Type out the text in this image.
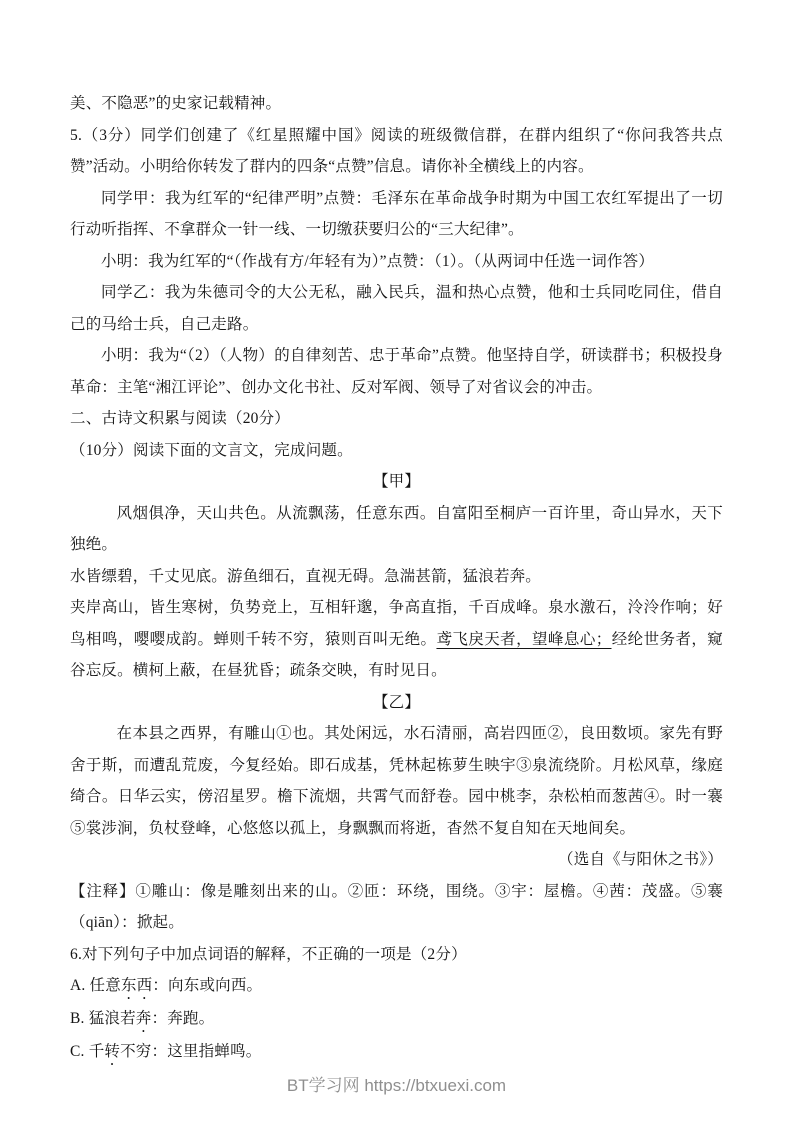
美、不隐恶”的史家记载精神。

5.（3分）同学们创建了《红星照耀中国》阅读的班级微信群，在群内组织了“你问我答共点赞”活动。小明给你转发了群内的四条“点赞”信息。请你补全横线上的内容。

同学甲：我为红军的“纪律严明”点赞：毛泽东在革命战争时期为中国工农红军提出了一切行动听指挥、不拿群众一针一线、一切缴获要归公的“三大纪律”。

小明：我为红军的“（作战有方/年轻有为）”点赞：（1）。（从两词中任选一词作答）

同学乙：我为朱德司令的大公无私，融入民兵，温和热心点赞，他和士兵同吃同住，借自己的马给士兵，自己走路。

小明：我为“（2）（人物）的自律刻苦、忠于革命”点赞。他坚持自学，研读群书；积极投身革命：主笔“湘江评论”、创办文化书社、反对军阀、领导了对省议会的冲击。

二、古诗文积累与阅读（20分）

（10分）阅读下面的文言文，完成问题。

【甲】

风烟俱净，天山共色。从流飘荡，任意东西。自富阳至桐庐一百许里，奇山异水，天下独绝。

水皆缥碧，千丈见底。游鱼细石，直视无碍。急湍甚箭，猛浪若奔。

夹岸高山，皆生寒树，负势竞上，互相轩邈，争高直指，千百成峰。泉水激石，泠泠作响；好鸟相鸣，嘤嘤成韵。蝉则千转不穷，猿则百叫无绝。鸢飞戾天者，望峰息心；经纶世务者，窥谷忘反。横柯上蔽，在昼犹昏；疏条交映，有时见日。

【乙】

在本县之西界，有雕山①也。其处闲远，水石清丽，高岩四匝②，良田数顷。家先有野舍于斯，而遭乱荒废，今复经始。即石成基，凭林起栋萝生映宇③泉流绕阶。月松风草，缘庭绮合。日华云实，傍沼星罗。檐下流烟，共霄气而舒卷。园中桃李，杂松柏而葱茜④。时一褰⑤裳涉涧，负杖登峰，心悠悠以孤上，身飘飘而将逝，杳然不复自知在天地间矣。

（选自《与阳休之书》）

【注释】①雕山：像是雕刻出来的山。②匝：环绕，围绕。③宇：屋檐。④茜：茂盛。⑤褰（qiān）：掀起。

6.对下列句子中加点词语的解释，不正确的一项是（2分）

A. 任意东西：向东或向西。

B. 猛浪若奔：奔跑。

C. 千转不穷：这里指蝉鸣。

BT学习网 https://btxuexi.com
